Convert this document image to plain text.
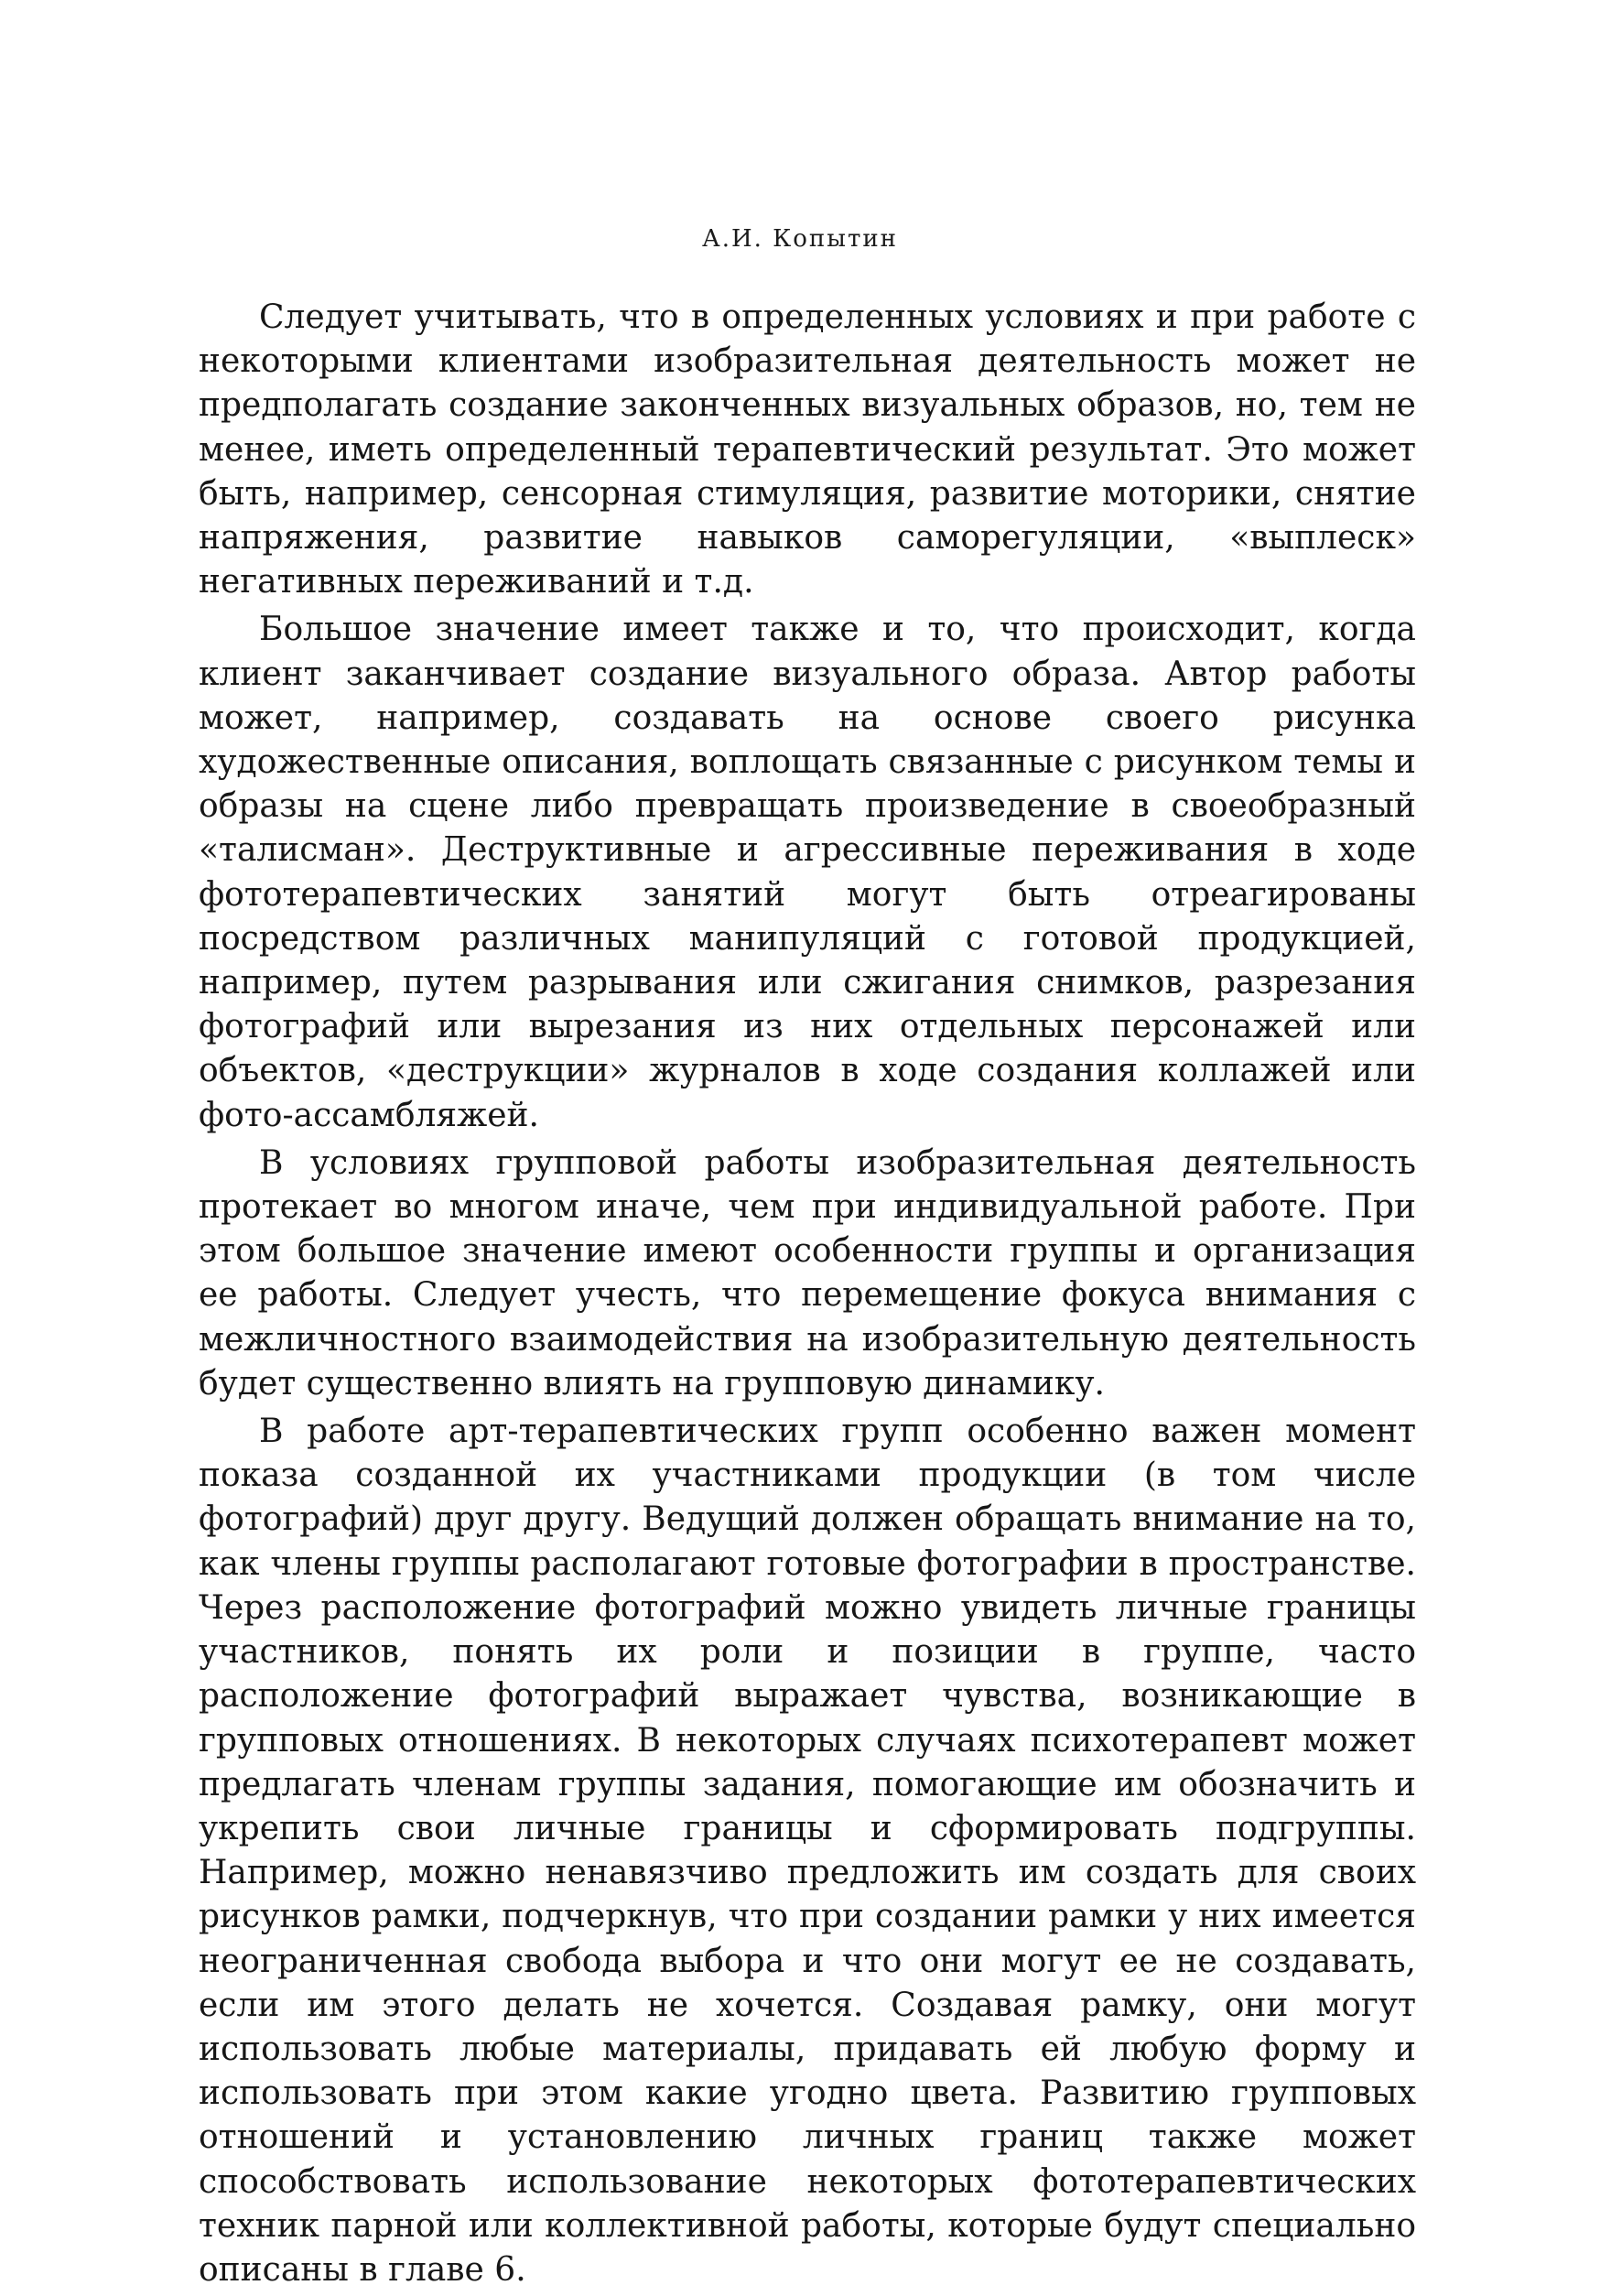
А.И. Копытин

Следует учитывать, что в определенных условиях и при работе с некоторыми клиентами изобразительная деятельность может не предполагать создание законченных визуальных образов, но, тем не менее, иметь определенный терапевтический результат. Это может быть, например, сенсорная стимуляция, развитие моторики, снятие напряжения, развитие навыков саморегуляции, «выплеск» негативных переживаний и т.д.

Большое значение имеет также и то, что происходит, когда клиент заканчивает создание визуального образа. Автор работы может, например, создавать на основе своего рисунка художественные описания, воплощать связанные с рисунком темы и образы на сцене либо превращать произведение в своеобразный «талисман». Деструктивные и агрессивные переживания в ходе фототерапевтических занятий могут быть отреагированы посредством различных манипуляций с готовой продукцией, например, путем разрывания или сжигания снимков, разрезания фотографий или вырезания из них отдельных персонажей или объектов, «деструкции» журналов в ходе создания коллажей или фото-ассамбляжей.

В условиях групповой работы изобразительная деятельность протекает во многом иначе, чем при индивидуальной работе. При этом большое значение имеют особенности группы и организация ее работы. Следует учесть, что перемещение фокуса внимания с межличностного взаимодействия на изобразительную деятельность будет существенно влиять на групповую динамику.

В работе арт-терапевтических групп особенно важен момент показа созданной их участниками продукции (в том числе фотографий) друг другу. Ведущий должен обращать внимание на то, как члены группы располагают готовые фотографии в пространстве. Через расположение фотографий можно увидеть личные границы участников, понять их роли и позиции в группе, часто расположение фотографий выражает чувства, возникающие в групповых отношениях. В некоторых случаях психотерапевт может предлагать членам группы задания, помогающие им обозначить и укрепить свои личные границы и сформировать подгруппы. Например, можно ненавязчиво предложить им создать для своих рисунков рамки, подчеркнув, что при создании рамки у них имеется неограниченная свобода выбора и что они могут ее не создавать, если им этого делать не хочется. Создавая рамку, они могут использовать любые материалы, придавать ей любую форму и использовать при этом какие угодно цвета. Развитию групповых отношений и установлению личных границ также может способствовать использование некоторых фототерапевтических техник парной или коллективной работы, которые будут специально описаны в главе 6.
